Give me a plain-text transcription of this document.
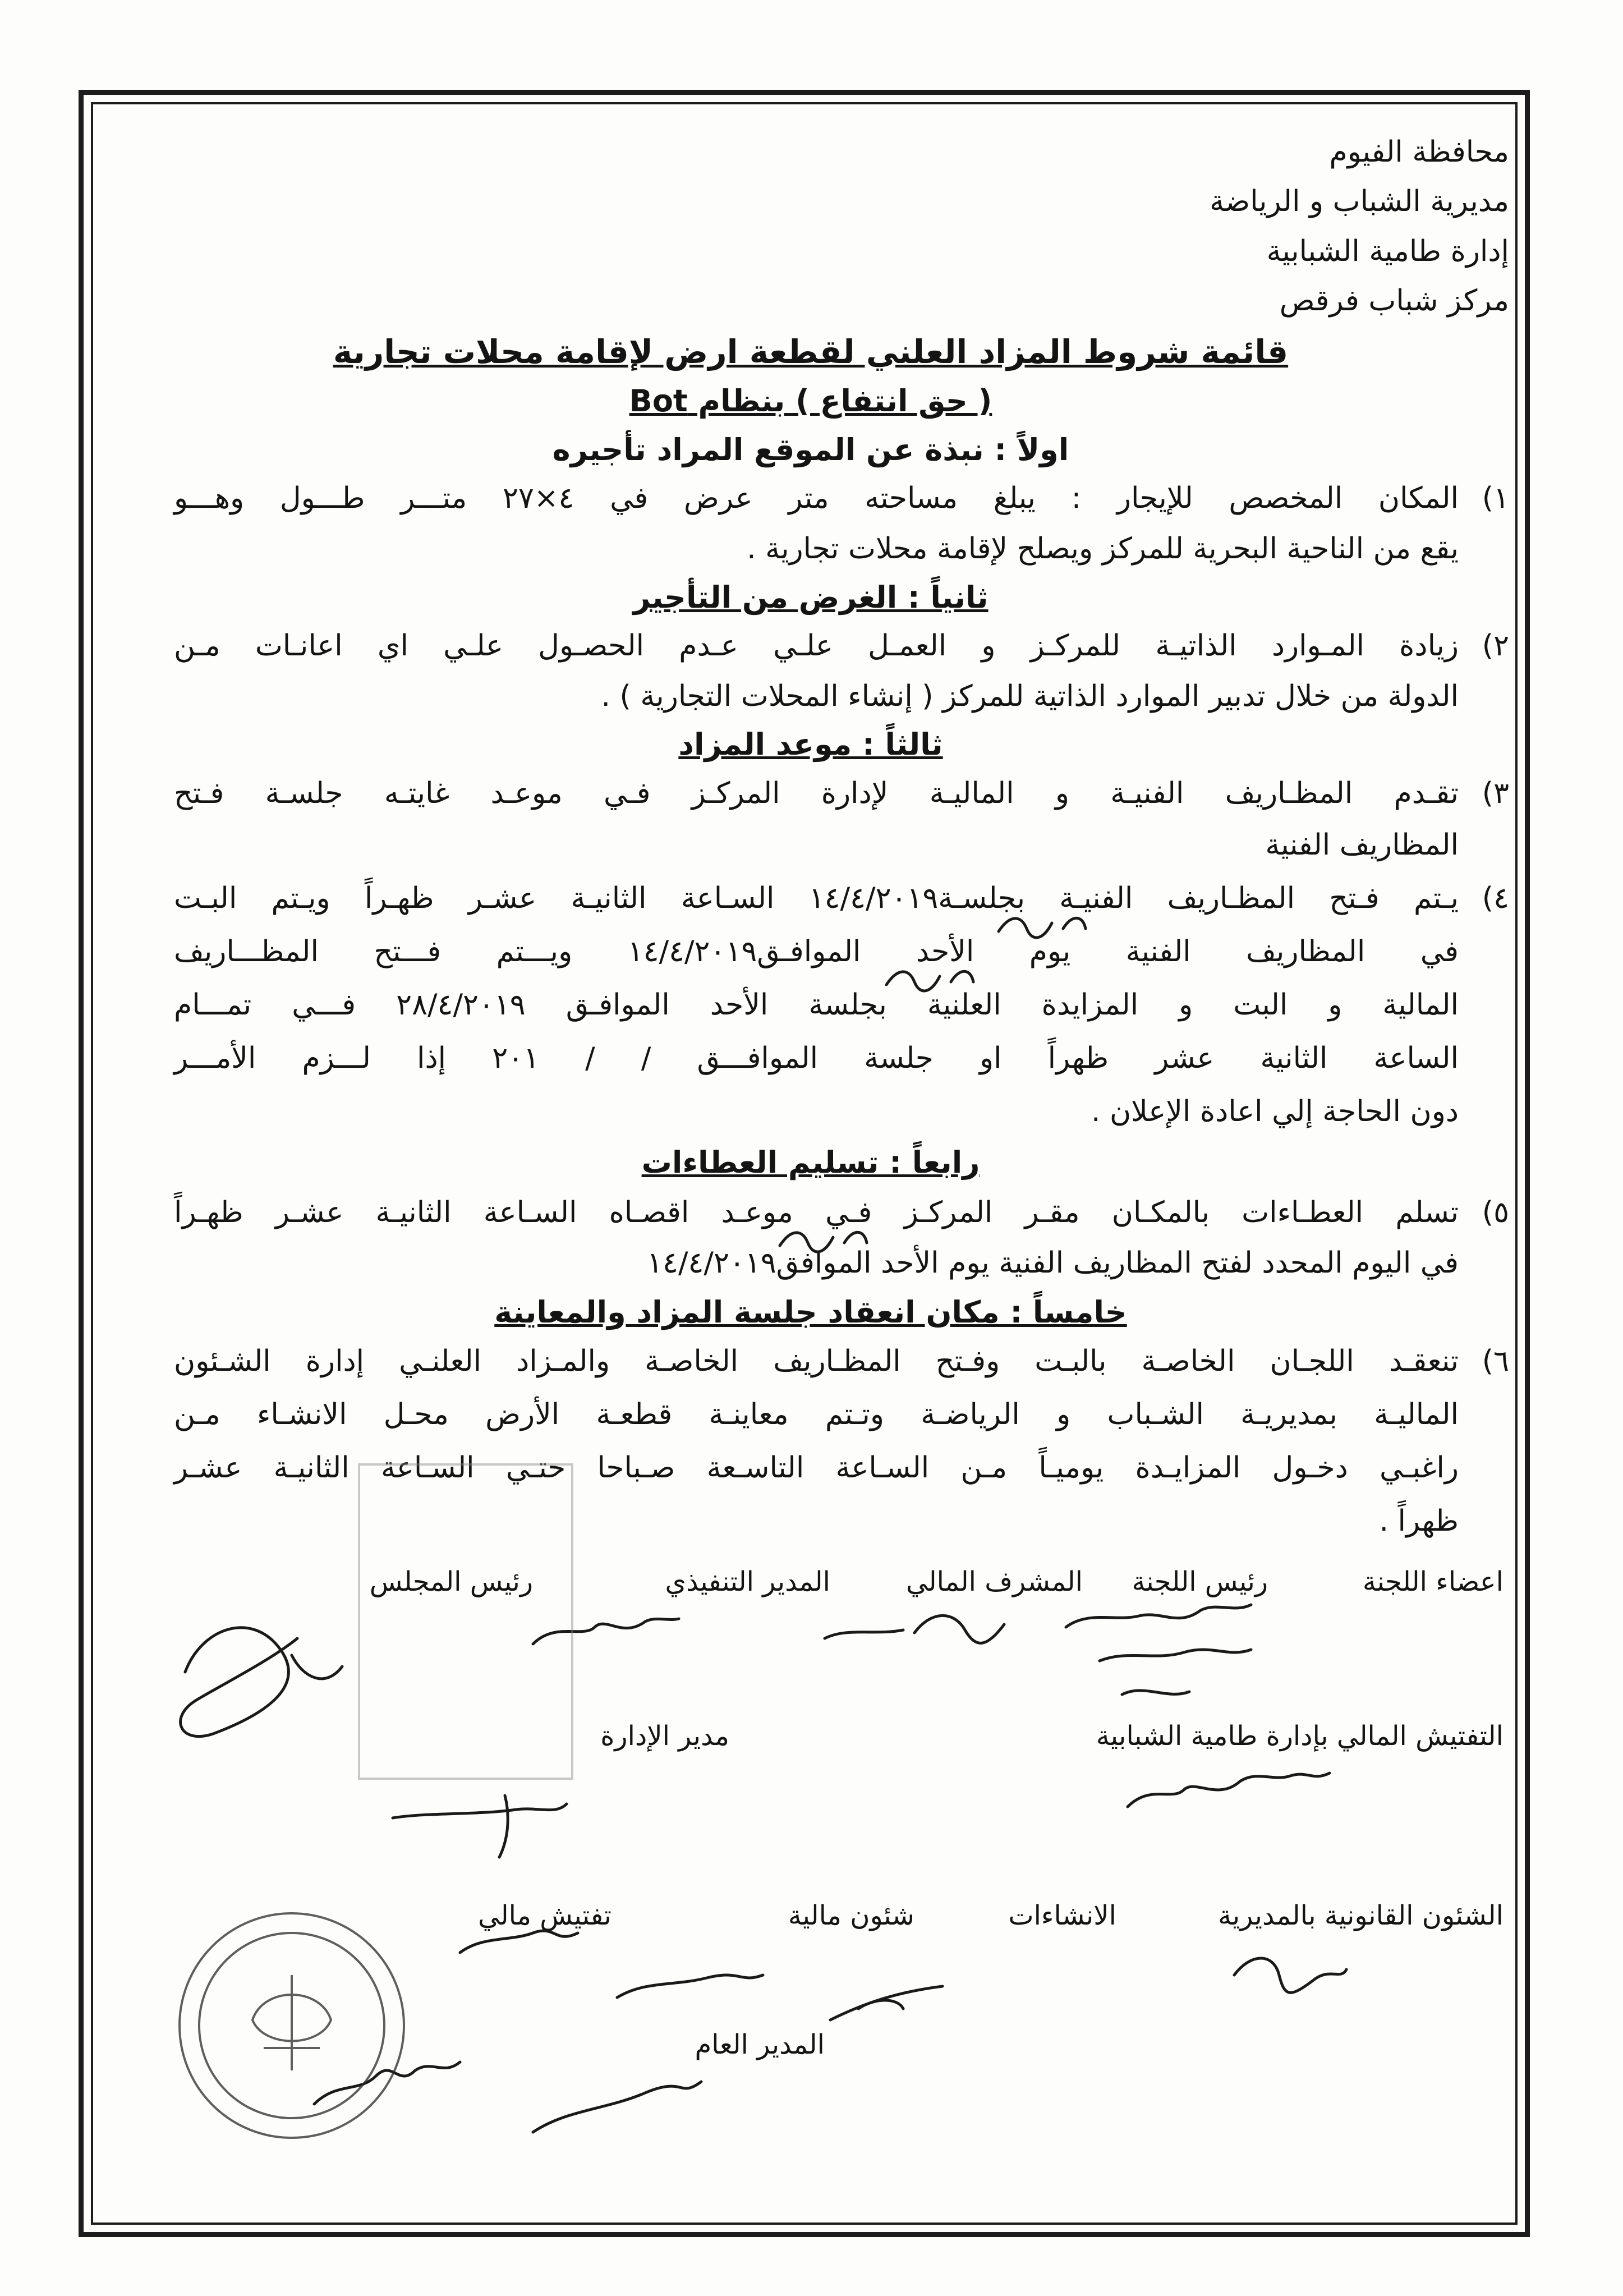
محافظة الفيوم
مديرية الشباب و الرياضة
إدارة طامية الشبابية
مركز شباب فرقص
قائمة شروط المزاد العلني لقطعة ارض لإقامة محلات تجارية
( حق انتفاع ) بنظام Bot
اولاً : نبذة عن الموقع المراد تأجيره
١)
المكان المخصص للإيجار : يبلغ مساحته متر عرض في ٤×٢٧ متـــر طـــول وهـــو
يقع من الناحية البحرية للمركز ويصلح لإقامة محلات تجارية .
ثانياً : الغرض من التأجير
٢)
زيادة المـوارد الذاتيـة للمركـز و العمـل علـي عـدم الحصـول علـي اي اعانـات مـن
الدولة من خلال تدبير الموارد الذاتية للمركز ( إنشاء المحلات التجارية ) .
ثالثاً : موعد المزاد
٣)
تقـدم المظـاريف الفنيـة و الماليـة لإدارة المركـز فـي موعـد غايتـه جلسـة فـتح
المظاريف الفنية
٤)
يـتم فـتح المظـاريف الفنيـة بجلسـة١٤/٤/٢٠١٩ السـاعة الثانيـة عشـر ظهـراً ويـتم البـت
في المظاريف الفنية يوم الأحد الموافـق١٤/٤/٢٠١٩ ويـــتم فـــتح المظـــاريف
المالية و البت و المزايدة العلنية بجلسة الأحد الموافـق ٢٨/٤/٢٠١٩ فـــي تمـــام
الساعة الثانية عشر ظهراً او جلسة الموافـــق / / ٢٠١ إذا لـــزم الأمـــر
دون الحاجة إلي اعادة الإعلان .
رابعاً : تسليم العطاءات
٥)
تسلم العطـاءات بالمكـان مقـر المركـز فـي موعـد اقصـاه السـاعة الثانيـة عشـر ظهـراً
في اليوم المحدد لفتح المظاريف الفنية يوم الأحد الموافق١٤/٤/٢٠١٩
خامساً : مكان انعقاد جلسة المزاد والمعاينة
٦)
تنعقـد اللجـان الخاصـة بالبـت وفـتح المظـاريف الخاصـة والمـزاد العلنـي إدارة الشـئون
الماليـة بمديريـة الشـباب و الرياضـة وتـتم معاينـة قطعـة الأرض محـل الانشـاء مـن
راغبـي دخـول المزايـدة يوميـاً مـن السـاعة التاسـعة صـباحا حتـي السـاعة الثانيـة عشـر
ظهراً .
اعضاء اللجنة
رئيس اللجنة
المشرف المالي
المدير التنفيذي
رئيس المجلس
التفتيش المالي بإدارة طامية الشبابية
مدير الإدارة
الشئون القانونية بالمديرية
الانشاءات
شئون مالية
تفتيش مالي
المدير العام
